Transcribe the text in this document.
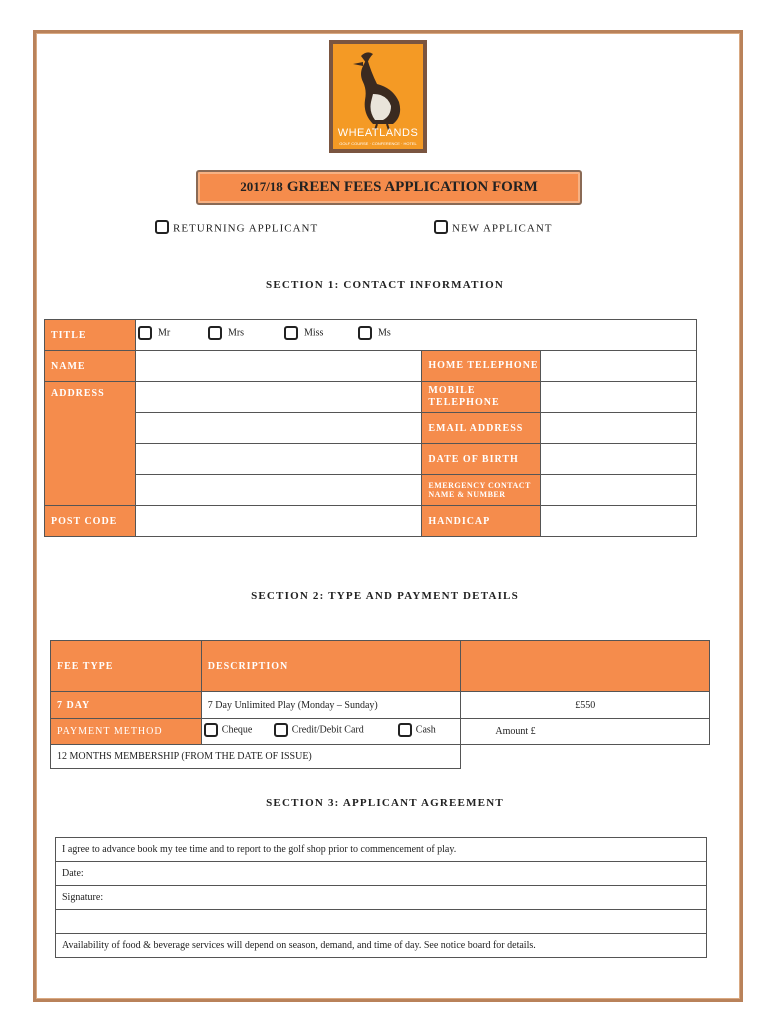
WHEATLANDS
GOLF COURSE · CONFERENCE · HOTEL
2017/18 GREEN FEES APPLICATION FORM
RETURNING APPLICANT	NEW APPLICANT
SECTION 1: CONTACT INFORMATION
TITLE	Mr Mrs Miss Ms		

NAME		HOME TELEPHONE	
ADDRESS		MOBILE TELEPHONE	
		EMAIL ADDRESS	
		DATE OF BIRTH	
		EMERGENCY CONTACT NAME & NUMBER	
POST CODE		HANDICAP	
SECTION 2: TYPE AND PAYMENT DETAILS
FEE TYPE	DESCRIPTION	
7 DAY	7 Day Unlimited Play (Monday – Sunday)	£550
PAYMENT METHOD	Cheque Credit/Debit Card Cash	Amount £
12 MONTHS MEMBERSHIP (FROM THE DATE OF ISSUE)		
SECTION 3: APPLICANT AGREEMENT
I agree to advance book my tee time and to report to the golf shop prior to commencement of play.
Date:
Signature:

Availability of food & beverage services will depend on season, demand, and time of day. See notice board for details.
